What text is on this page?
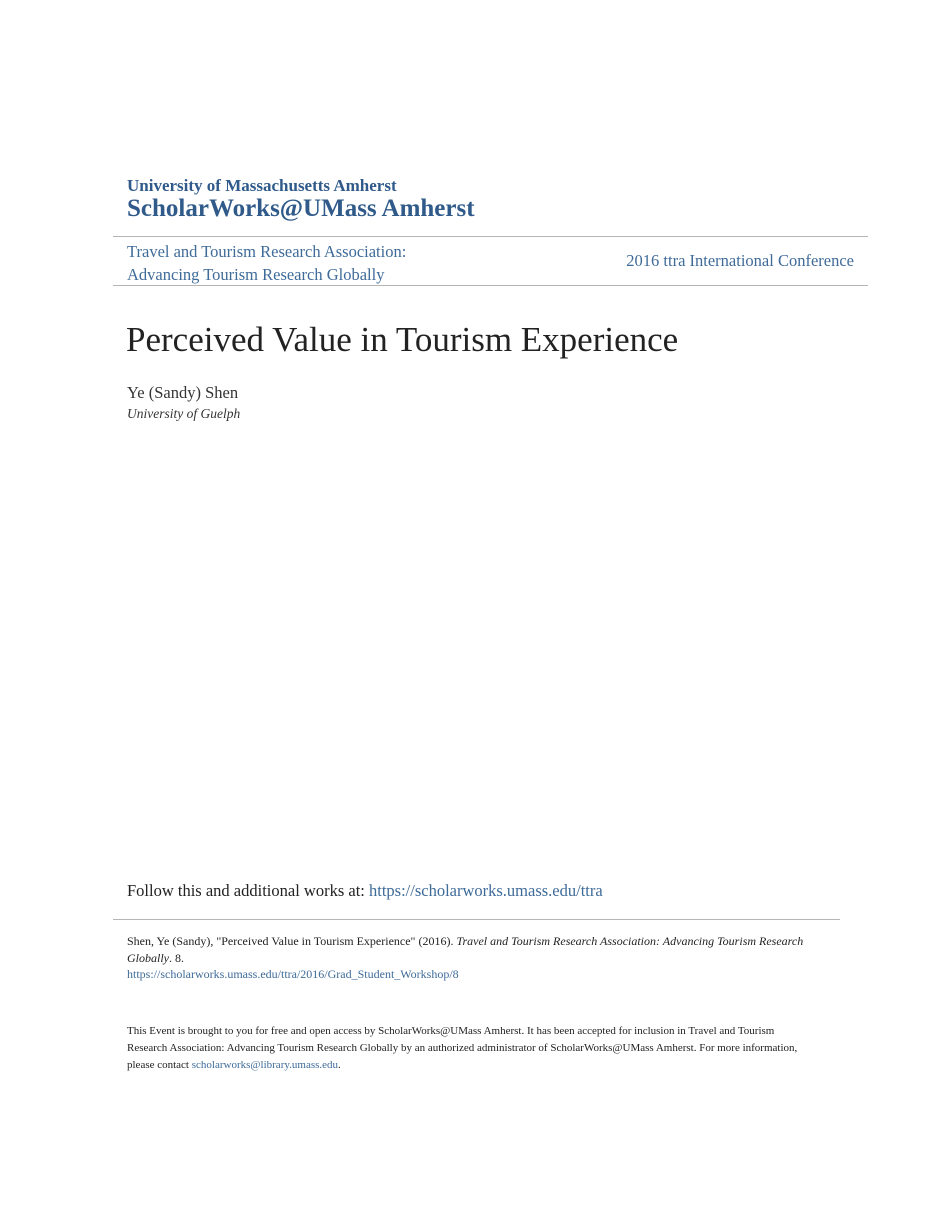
University of Massachusetts Amherst
ScholarWorks@UMass Amherst
Travel and Tourism Research Association:
Advancing Tourism Research Globally
2016 ttra International Conference
Perceived Value in Tourism Experience
Ye (Sandy) Shen
University of Guelph
Follow this and additional works at: https://scholarworks.umass.edu/ttra
Shen, Ye (Sandy), "Perceived Value in Tourism Experience" (2016). Travel and Tourism Research Association: Advancing Tourism Research Globally. 8.
https://scholarworks.umass.edu/ttra/2016/Grad_Student_Workshop/8
This Event is brought to you for free and open access by ScholarWorks@UMass Amherst. It has been accepted for inclusion in Travel and Tourism Research Association: Advancing Tourism Research Globally by an authorized administrator of ScholarWorks@UMass Amherst. For more information, please contact scholarworks@library.umass.edu.
